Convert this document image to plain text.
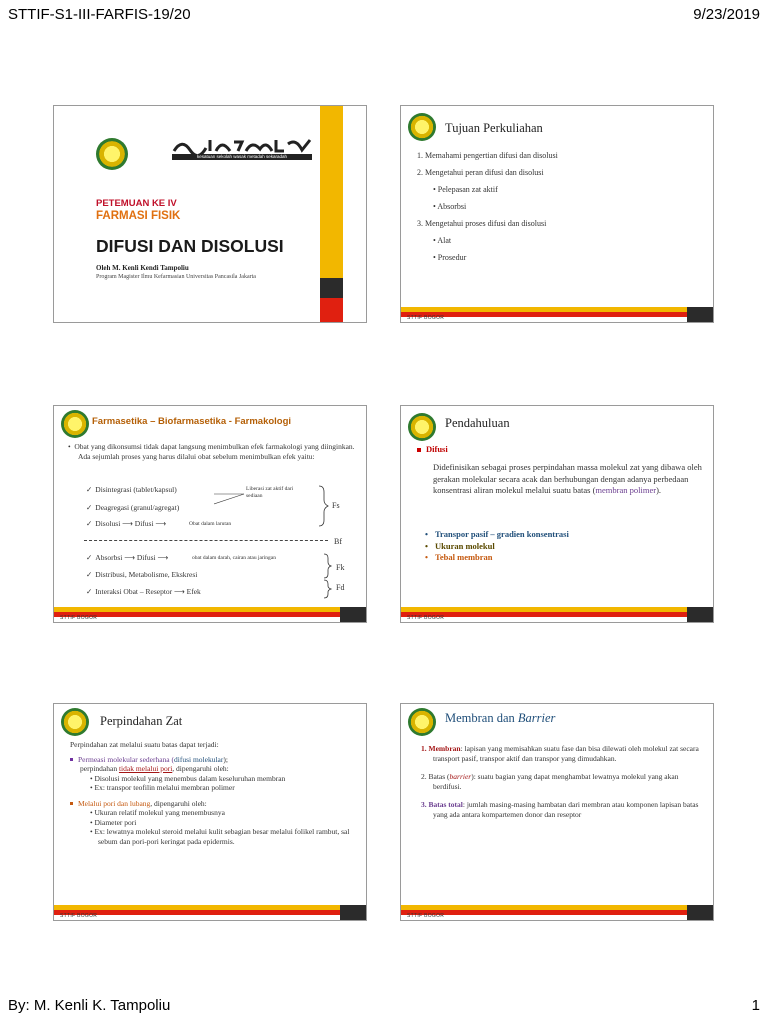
STTIF-S1-III-FARFIS-19/20	9/23/2019
By: M. Kenli K. Tampoliu	1
kesatuan sekolah wasak metadah sekaradah
PETEMUAN KE IV
FARMASI FISIK
DIFUSI DAN DISOLUSI
Oleh M. Kenli Kendi Tampoliu
Program Magister Ilmu Kefarmasian Universitas Pancasila Jakarta
Tujuan Perkuliahan
1. Memahami pengertian difusi dan disolusi
2. Mengetahui peran difusi dan disolusi
• Pelepasan zat aktif
• Absorbsi
3. Mengetahui proses difusi dan disolusi
• Alat
• Prosedur
STTIF BOGOR
Farmasetika – Biofarmasetika - Farmakologi
•  Obat yang dikonsumsi tidak dapat langsung menimbulkan efek farmakologi yang diinginkan. Ada sejumlah proses yang harus dilalui obat sebelum menimbulkan efek yaitu:
✓ Disintegrasi (tablet/kapsul)
✓ Deagregasi (granul/agregat)
✓ Disolusi ⟶ Difusi ⟶	Obat dalam larutan
Liberasi zat aktif dari sediaan
Fs
Bf
✓ Absorbsi ⟶ Difusi ⟶	obat dalam darah, cairan atau jaringan
✓ Distribusi, Metabolisme, Ekskresi
✓ Interaksi Obat – Reseptor ⟶ Efek
Fk
Fd
STTIF BOGOR
Pendahuluan
Difusi
Didefinisikan sebagai proses perpindahan massa molekul zat yang dibawa oleh gerakan molekular secara acak dan berhubungan dengan adanya perbedaan konsentrasi aliran molekul melalui suatu batas (membran polimer).
• Transpor pasif – gradien konsentrasi
• Ukuran molekul
• Tebal membran
STTIF BOGOR
Perpindahan Zat
Perpindahan zat melalui suatu batas dapat terjadi:
Permeasi molekular sederhana (difusi molekular);
perpindahan tidak melalui pori, dipengaruhi oleh:
• Disolusi molekul yang menembus dalam keseluruhan membran
• Ex: transpor teofilin melalui membran polimer
Melalui pori dan lubang, dipengaruhi oleh:
• Ukuran relatif molekul yang menembusnya
• Diameter pori
• Ex: lewatnya molekul steroid melalui kulit sebagian besar melalui folikel rambut, sal sebum dan pori-pori keringat pada epidermis.
STTIF BOGOR
Membran dan Barrier
1. Membran: lapisan yang memisahkan suatu fase dan bisa dilewati oleh molekul zat secara transport pasif, transpor aktif dan transpor yang dimudahkan.
2. Batas (barrier): suatu bagian yang dapat menghambat lewatnya molekul yang akan berdifusi.
3. Batas total: jumlah masing-masing hambatan dari membran atau komponen lapisan batas yang ada antara kompartemen donor dan reseptor
STTIF BOGOR
